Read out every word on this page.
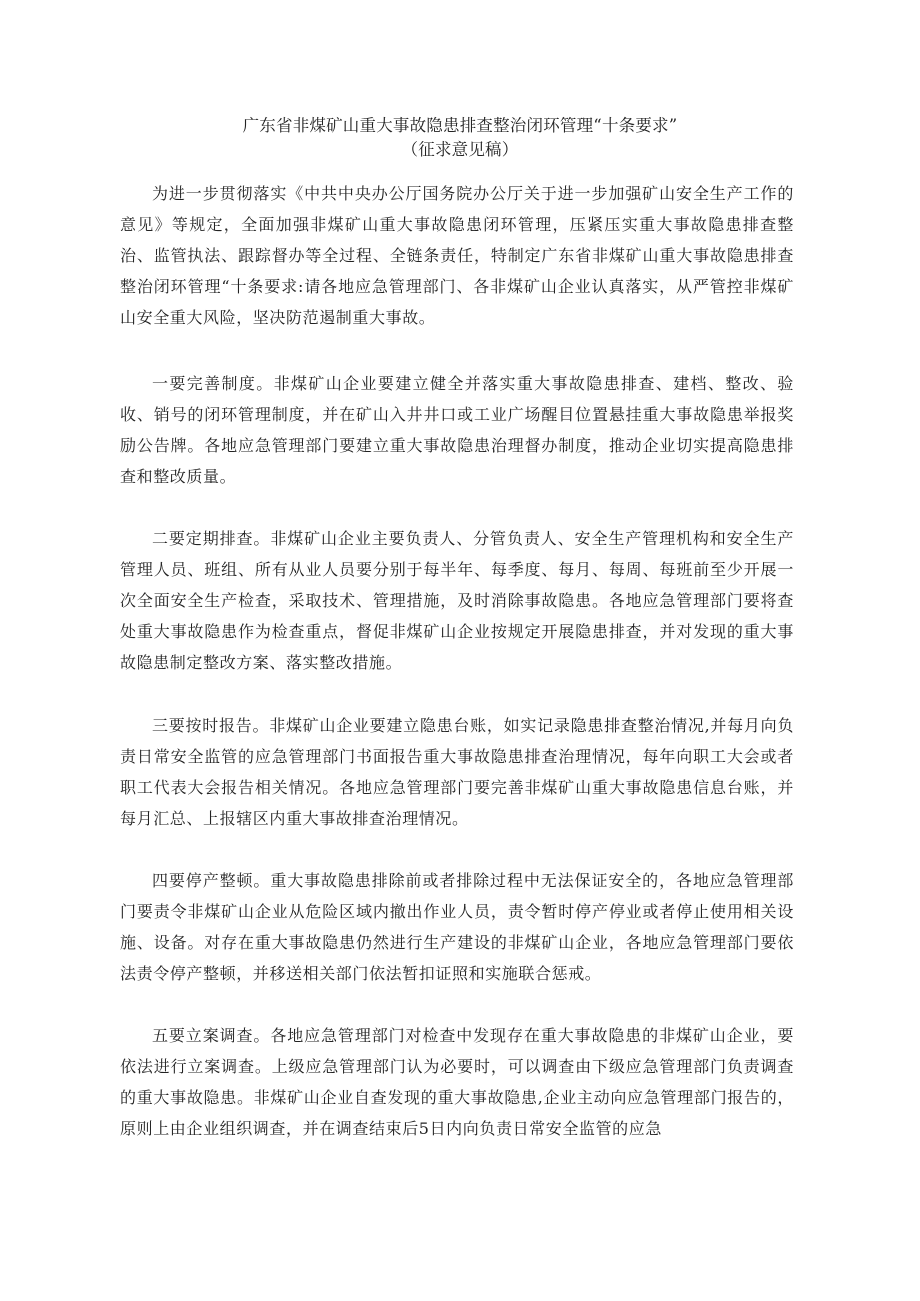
广东省非煤矿山重大事故隐患排查整治闭环管理“十条要求”
（征求意见稿）
为进一步贯彻落实《中共中央办公厅国务院办公厅关于进一步加强矿山安全生产工作的意见》等规定，全面加强非煤矿山重大事故隐患闭环管理，压紧压实重大事故隐患排查整治、监管执法、跟踪督办等全过程、全链条责任，特制定广东省非煤矿山重大事故隐患排查整治闭环管理“十条要求:请各地应急管理部门、各非煤矿山企业认真落实，从严管控非煤矿山安全重大风险，坚决防范遏制重大事故。
一要完善制度。非煤矿山企业要建立健全并落实重大事故隐患排查、建档、整改、验收、销号的闭环管理制度，并在矿山入井井口或工业广场醒目位置悬挂重大事故隐患举报奖励公告牌。各地应急管理部门要建立重大事故隐患治理督办制度，推动企业切实提高隐患排查和整改质量。
二要定期排查。非煤矿山企业主要负责人、分管负责人、安全生产管理机构和安全生产管理人员、班组、所有从业人员要分别于每半年、每季度、每月、每周、每班前至少开展一次全面安全生产检查，采取技术、管理措施，及时消除事故隐患。各地应急管理部门要将查处重大事故隐患作为检查重点，督促非煤矿山企业按规定开展隐患排查，并对发现的重大事故隐患制定整改方案、落实整改措施。
三要按时报告。非煤矿山企业要建立隐患台账，如实记录隐患排查整治情况,并每月向负责日常安全监管的应急管理部门书面报告重大事故隐患排查治理情况，每年向职工大会或者职工代表大会报告相关情况。各地应急管理部门要完善非煤矿山重大事故隐患信息台账，并每月汇总、上报辖区内重大事故排查治理情况。
四要停产整顿。重大事故隐患排除前或者排除过程中无法保证安全的，各地应急管理部门要责令非煤矿山企业从危险区域内撤出作业人员，责令暂时停产停业或者停止使用相关设施、设备。对存在重大事故隐患仍然进行生产建设的非煤矿山企业，各地应急管理部门要依法责令停产整顿，并移送相关部门依法暂扣证照和实施联合惩戒。
五要立案调查。各地应急管理部门对检查中发现存在重大事故隐患的非煤矿山企业，要依法进行立案调查。上级应急管理部门认为必要时，可以调查由下级应急管理部门负责调查的重大事故隐患。非煤矿山企业自查发现的重大事故隐患,企业主动向应急管理部门报告的，原则上由企业组织调查，并在调查结束后5日内向负责日常安全监管的应急
